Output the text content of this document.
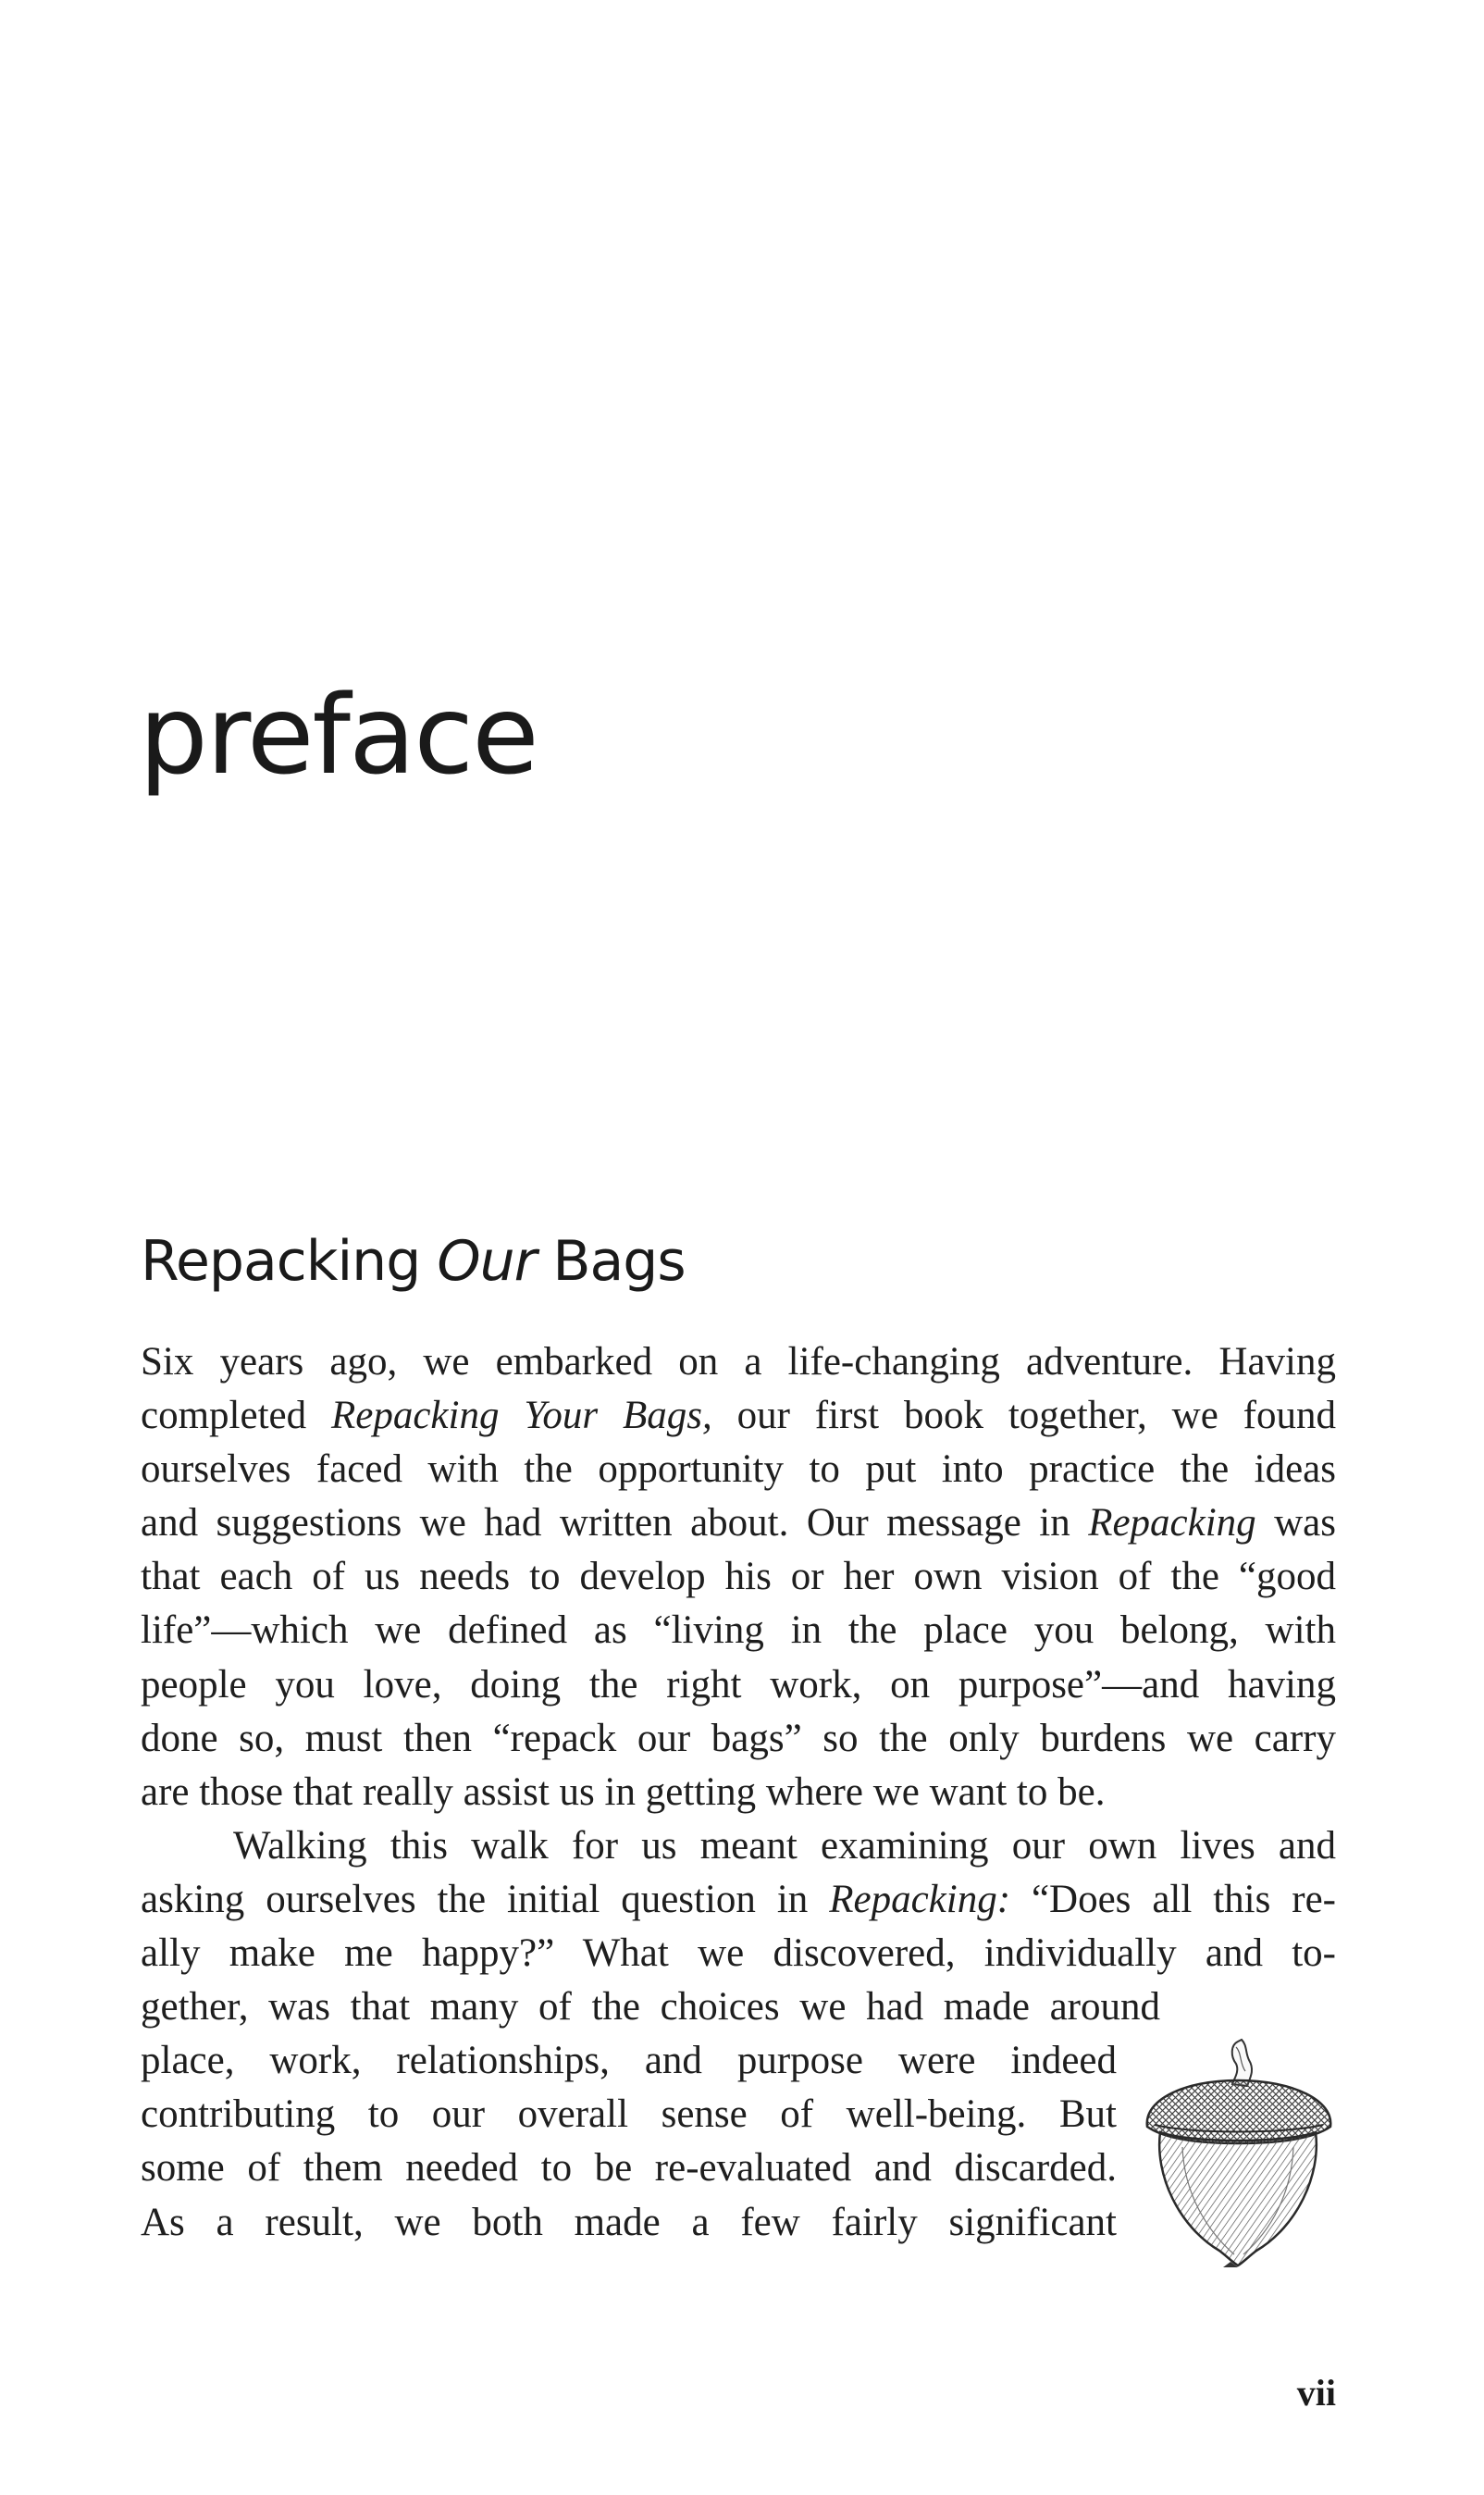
preface
Repacking Our Bags
Six years ago, we embarked on a life-changing adventure. Having
completed Repacking Your Bags, our first book together, we found
ourselves faced with the opportunity to put into practice the ideas
and suggestions we had written about. Our message in Repacking was
that each of us needs to develop his or her own vision of the “good
life”—which we defined as “living in the place you belong, with
people you love, doing the right work, on purpose”—and having
done so, must then “repack our bags” so the only burdens we carry
are those that really assist us in getting where we want to be.
Walking this walk for us meant examining our own lives and
asking ourselves the initial question in Repacking: “Does all this re-
ally make me happy?” What we discovered, individually and to-
gether, was that many of the choices we had made around
place, work, relationships, and purpose were indeed
contributing to our overall sense of well-being. But
some of them needed to be re-evaluated and discarded.
As a result, we both made a few fairly significant
vii
